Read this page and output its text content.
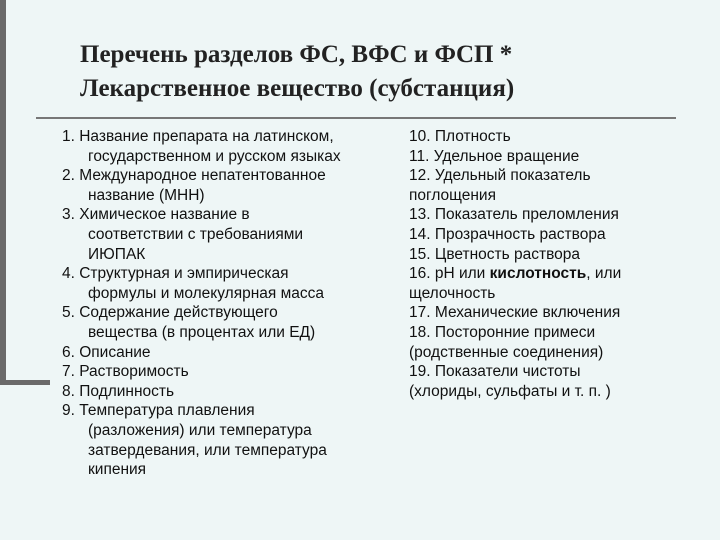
Перечень разделов ФС, ВФС и ФСП *
Лекарственное вещество (субстанция)
1. Название препарата на латинском,
государственном и русском языках
2. Международное непатентованное
название (МНН)
3. Химическое название в
соответствии с требованиями
ИЮПАК
4. Структурная и эмпирическая
формулы и молекулярная масса
5. Содержание действующего
вещества (в процентах или ЕД)
6. Описание
7. Растворимость
8. Подлинность
9. Температура плавления
(разложения) или температура
затвердевания, или температура
кипения
10. Плотность
11. Удельное вращение
12. Удельный показатель
поглощения
13. Показатель преломления
14. Прозрачность раствора
15. Цветность раствора
16. рН или кислотность, или
щелочность
17. Механические включения
18. Посторонние примеси
(родственные соединения)
19. Показатели чистоты
(хлориды, сульфаты и т. п. )
